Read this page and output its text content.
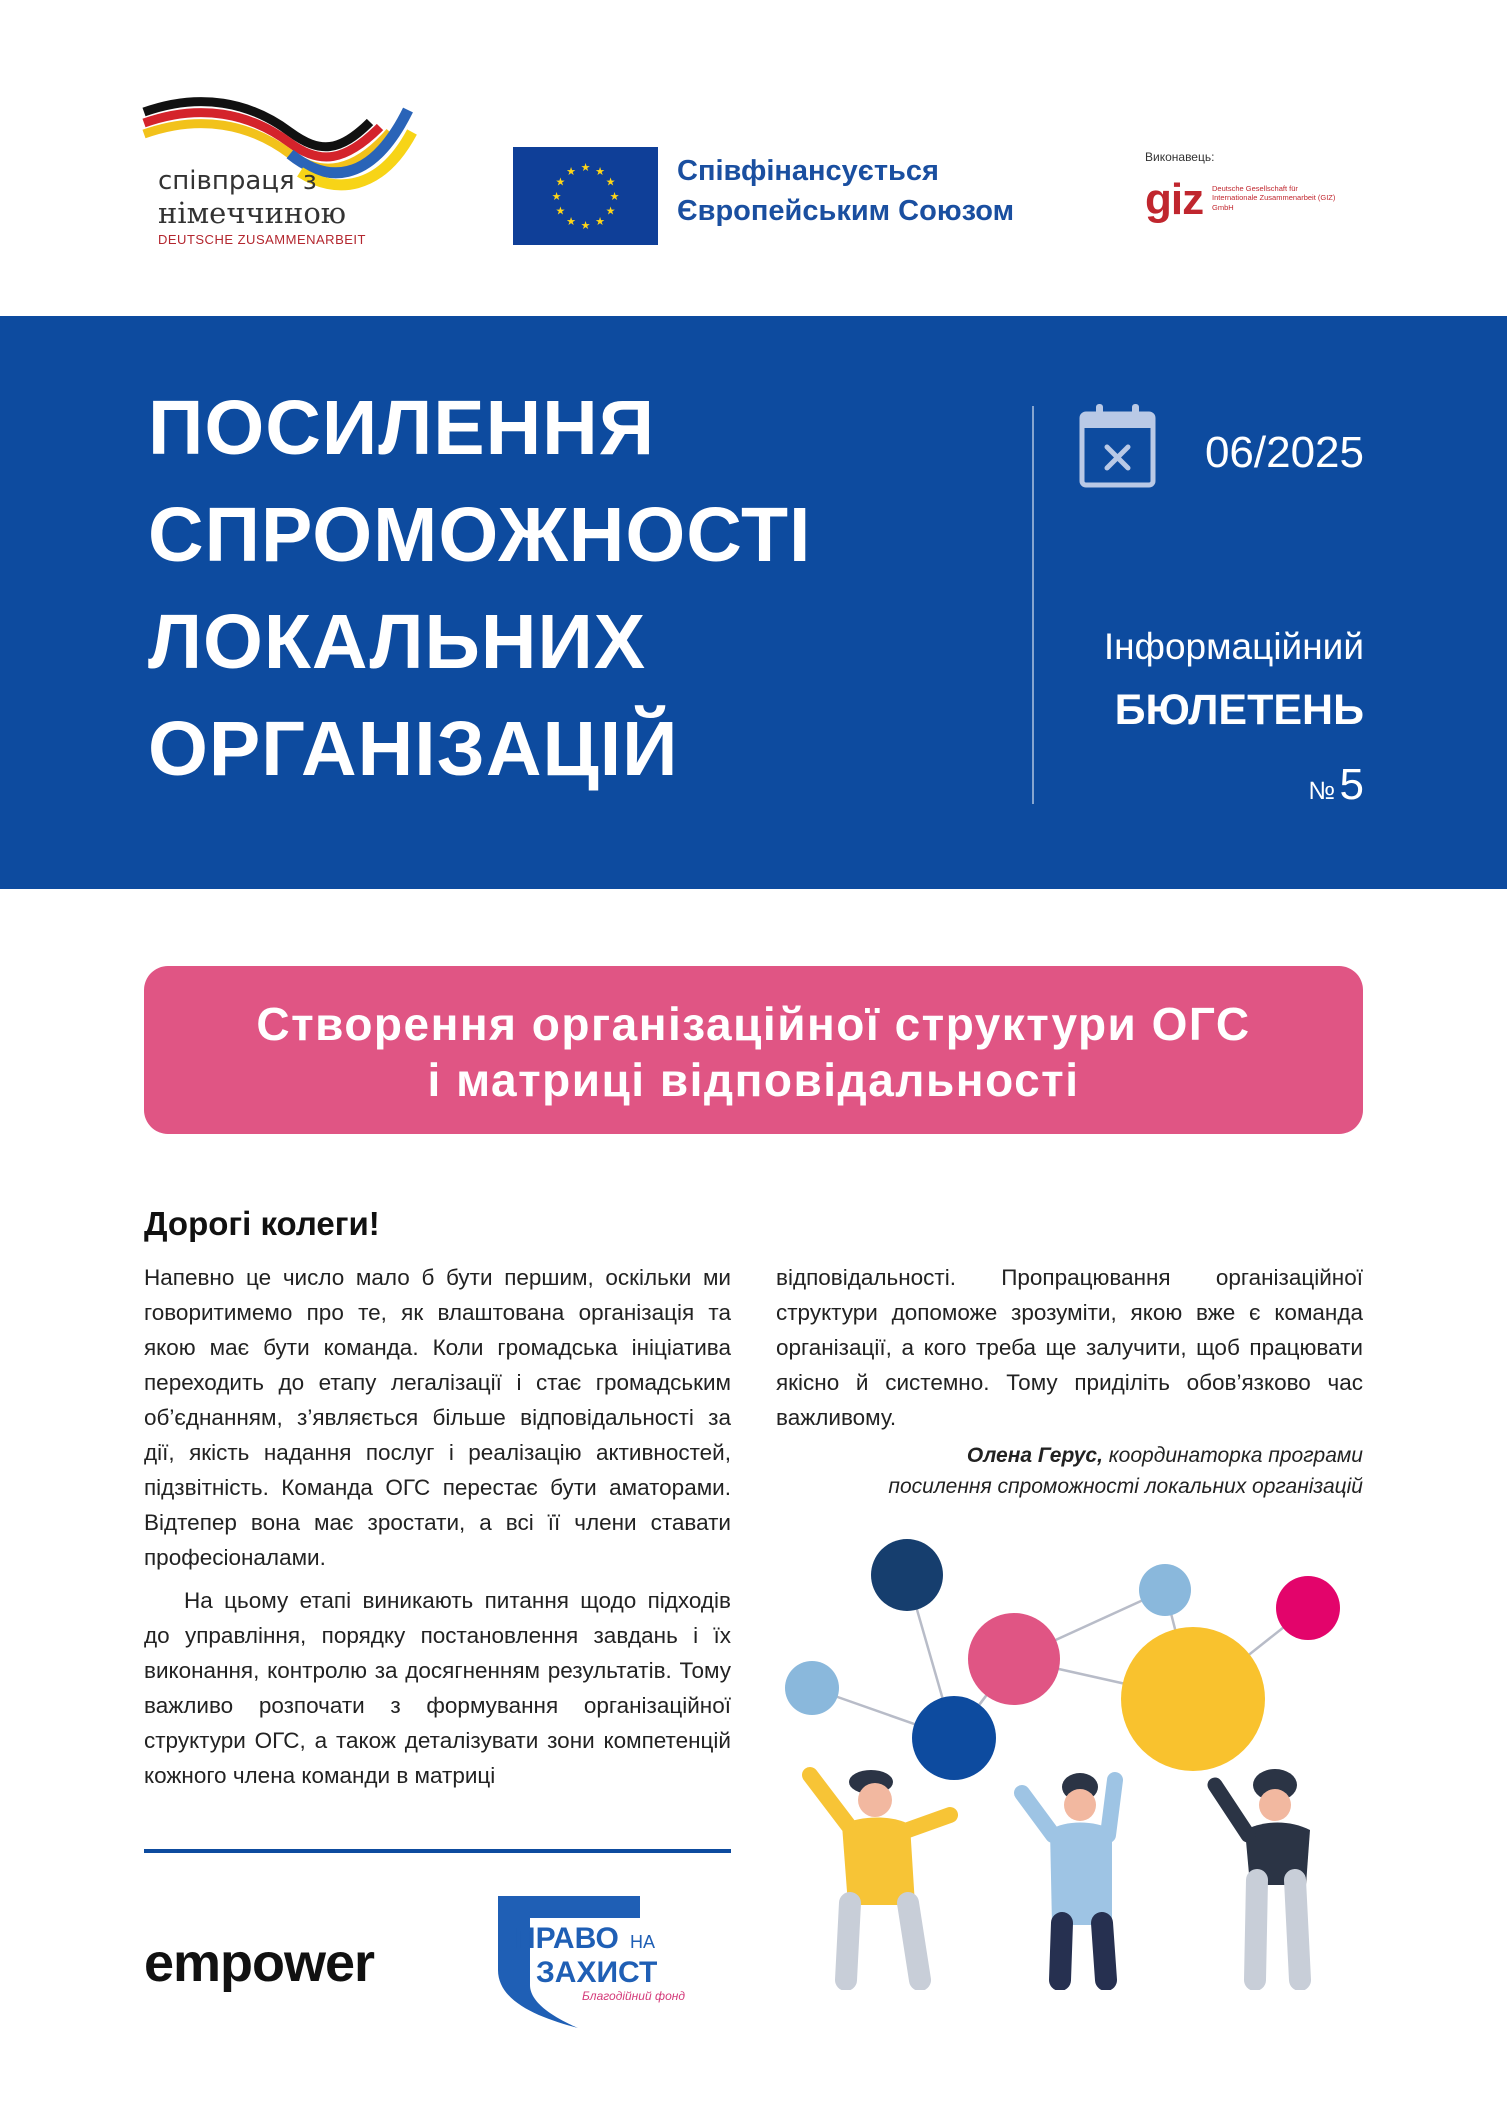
співпраця з
німеччиною
DEUTSCHE ZUSAMMENARBEIT
★ ★
★
★
★
★
★
★
★
★
★
★	Співфінансується
Європейським Союзом
Виконавець:
giz Deutsche Gesellschaft für Internationale Zusammenarbeit (GIZ) GmbH
ПОСИЛЕННЯ
СПРОМОЖНОСТІ
ЛОКАЛЬНИХ
ОРГАНІЗАЦІЙ
06/2025
Інформаційний
БЮЛЕТЕНЬ
№ 5
Створення організаційної структури ОГС
і матриці відповідальності
Дорогі колеги!

Напевно це число мало б бути першим, оскільки ми говоритимемо про те, як влаштована організація та якою має бути команда. Коли громадська ініціатива переходить до етапу легалізації і стає громадським об’єднанням, з’являється більше відповідальності за дії, якість надання послуг і реалізацію активностей, підзвітність. Команда ОГС перестає бути аматорами. Відтепер вона має зростати, а всі її члени ставати професіоналами.

На цьому етапі виникають питання щодо підходів до управління, порядку постановлення завдань і їх виконання, контролю за досягненням результатів. Тому важливо розпочати з формування організаційної структури ОГС, а також деталізувати зони компетенцій кожного члена команди в матриці

відповідальності. Пропрацювання організаційної структури допоможе зрозуміти, якою вже є команда організації, а кого треба ще залучити, щоб працювати якісно й системно. Тому приділіть обов’язково час важливому.

Олена Герус, координаторка програми
посилення спроможності локальних організацій
empower	ПРАВО НА
ЗАХИСТ
Благодійний фонд
